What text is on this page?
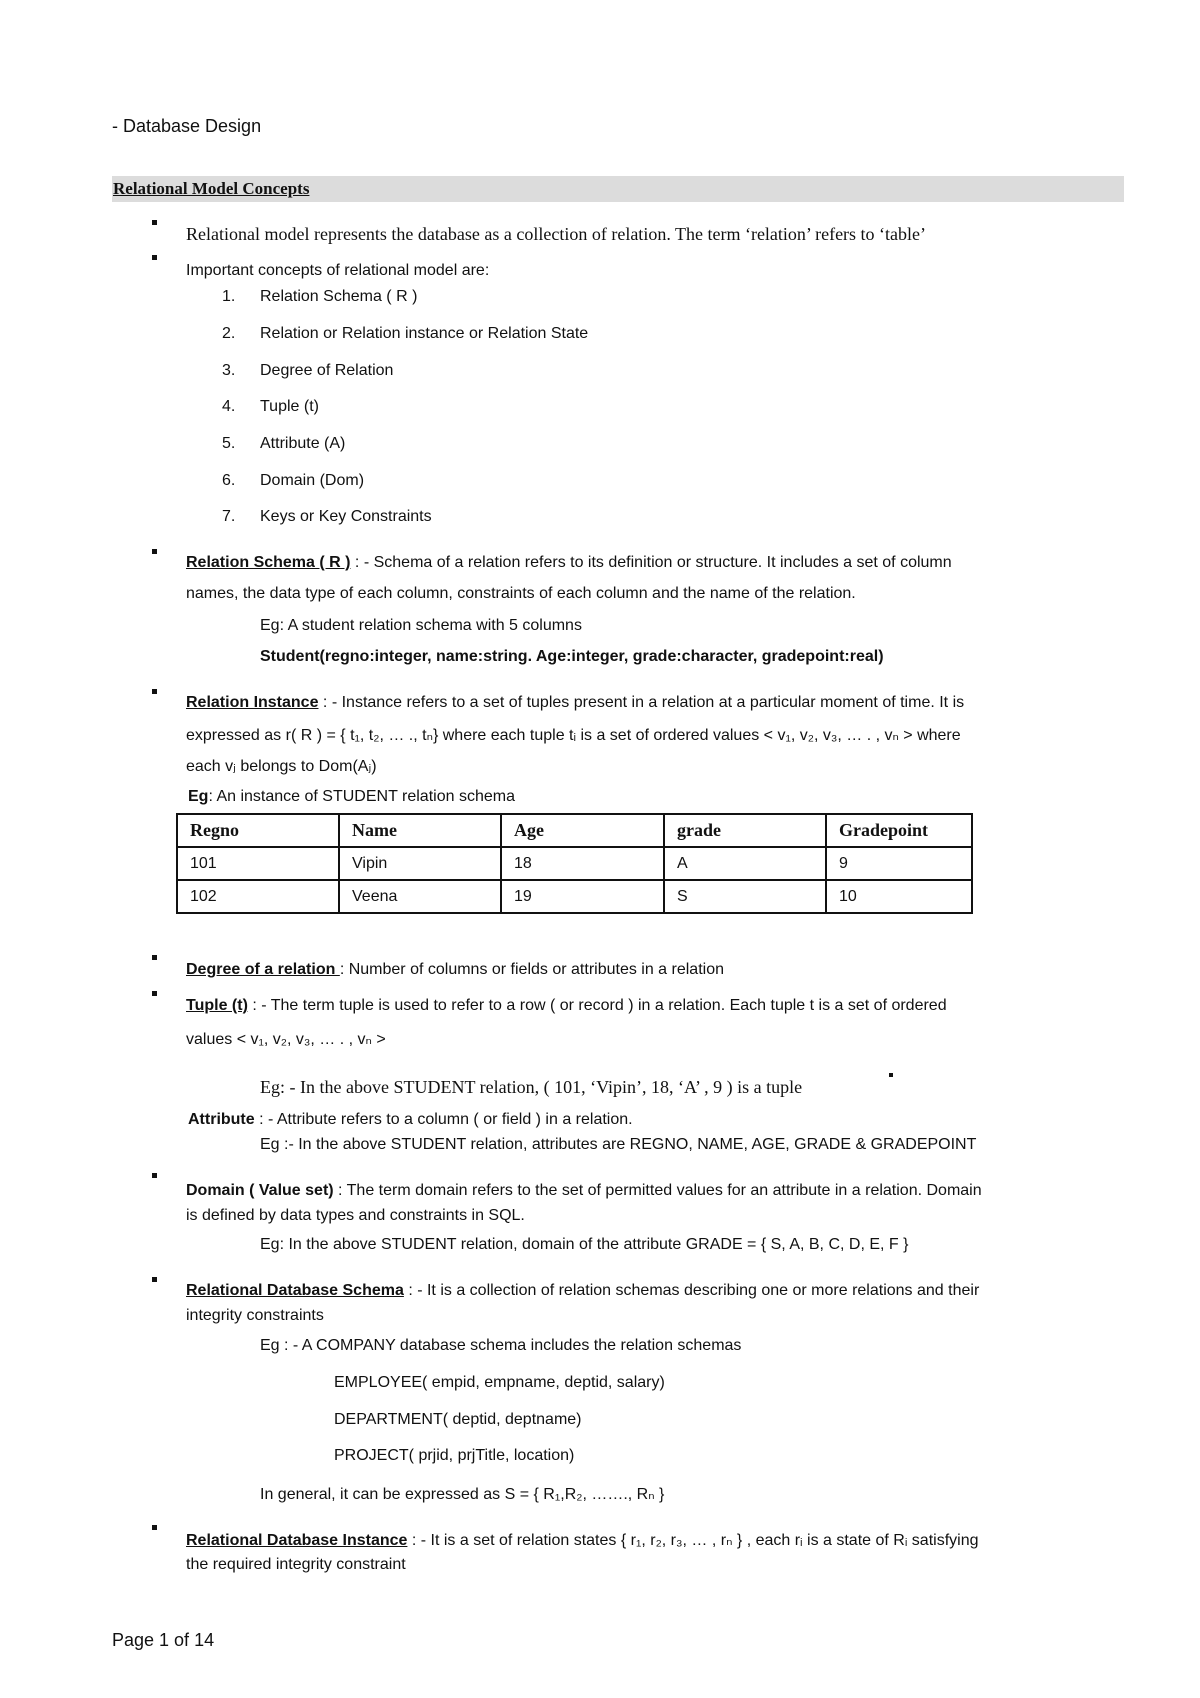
- Database Design
Relational Model Concepts
Relational model represents the database as a collection of relation. The term ‘relation’ refers to ‘table’
Important concepts of relational model are:
1. Relation Schema ( R )
2. Relation or Relation instance or Relation State
3. Degree of Relation
4. Tuple (t)
5. Attribute (A)
6. Domain (Dom)
7. Keys or Key Constraints
Relation Schema ( R ) : - Schema of a relation refers to its definition or structure. It includes a set of column
names, the data type of each column, constraints of each column and the name of the relation.
Eg: A student relation schema with 5 columns
Student(regno:integer, name:string. Age:integer, grade:character, gradepoint:real)
Relation Instance : - Instance refers to a set of tuples present in a relation at a particular moment of time. It is
expressed as r( R ) = { t₁, t₂, … ., tₙ} where each tuple tᵢ is a set of ordered values < v₁, v₂, v₃, … . , vₙ > where
each vⱼ belongs to Dom(Aⱼ)
Eg: An instance of STUDENT relation schema
Regno	Name	Age	grade	Gradepoint
101	Vipin	18	A	9
102	Veena	19	S	10
Degree of a relation : Number of columns or fields or attributes in a relation
Tuple (t) : - The term tuple is used to refer to a row ( or record ) in a relation. Each tuple t is a set of ordered
values < v₁, v₂, v₃, … . , vₙ >
Eg: - In the above STUDENT relation, ( 101, ‘Vipin’, 18, ‘A’ , 9 ) is a tuple
Attribute : - Attribute refers to a column ( or field ) in a relation.
Eg :- In the above STUDENT relation, attributes are REGNO, NAME, AGE, GRADE & GRADEPOINT
Domain ( Value set) : The term domain refers to the set of permitted values for an attribute in a relation. Domain
is defined by data types and constraints in SQL.
Eg: In the above STUDENT relation, domain of the attribute GRADE = { S, A, B, C, D, E, F }
Relational Database Schema : - It is a collection of relation schemas describing one or more relations and their
integrity constraints
Eg : - A COMPANY database schema includes the relation schemas
EMPLOYEE( empid, empname, deptid, salary)
DEPARTMENT( deptid, deptname)
PROJECT( prjid, prjTitle, location)
In general, it can be expressed as S = { R₁,R₂, ……., Rₙ }
Relational Database Instance : - It is a set of relation states { r₁, r₂, r₃, … , rₙ } , each rᵢ is a state of Rᵢ satisfying
the required integrity constraint
Page 1 of 14
